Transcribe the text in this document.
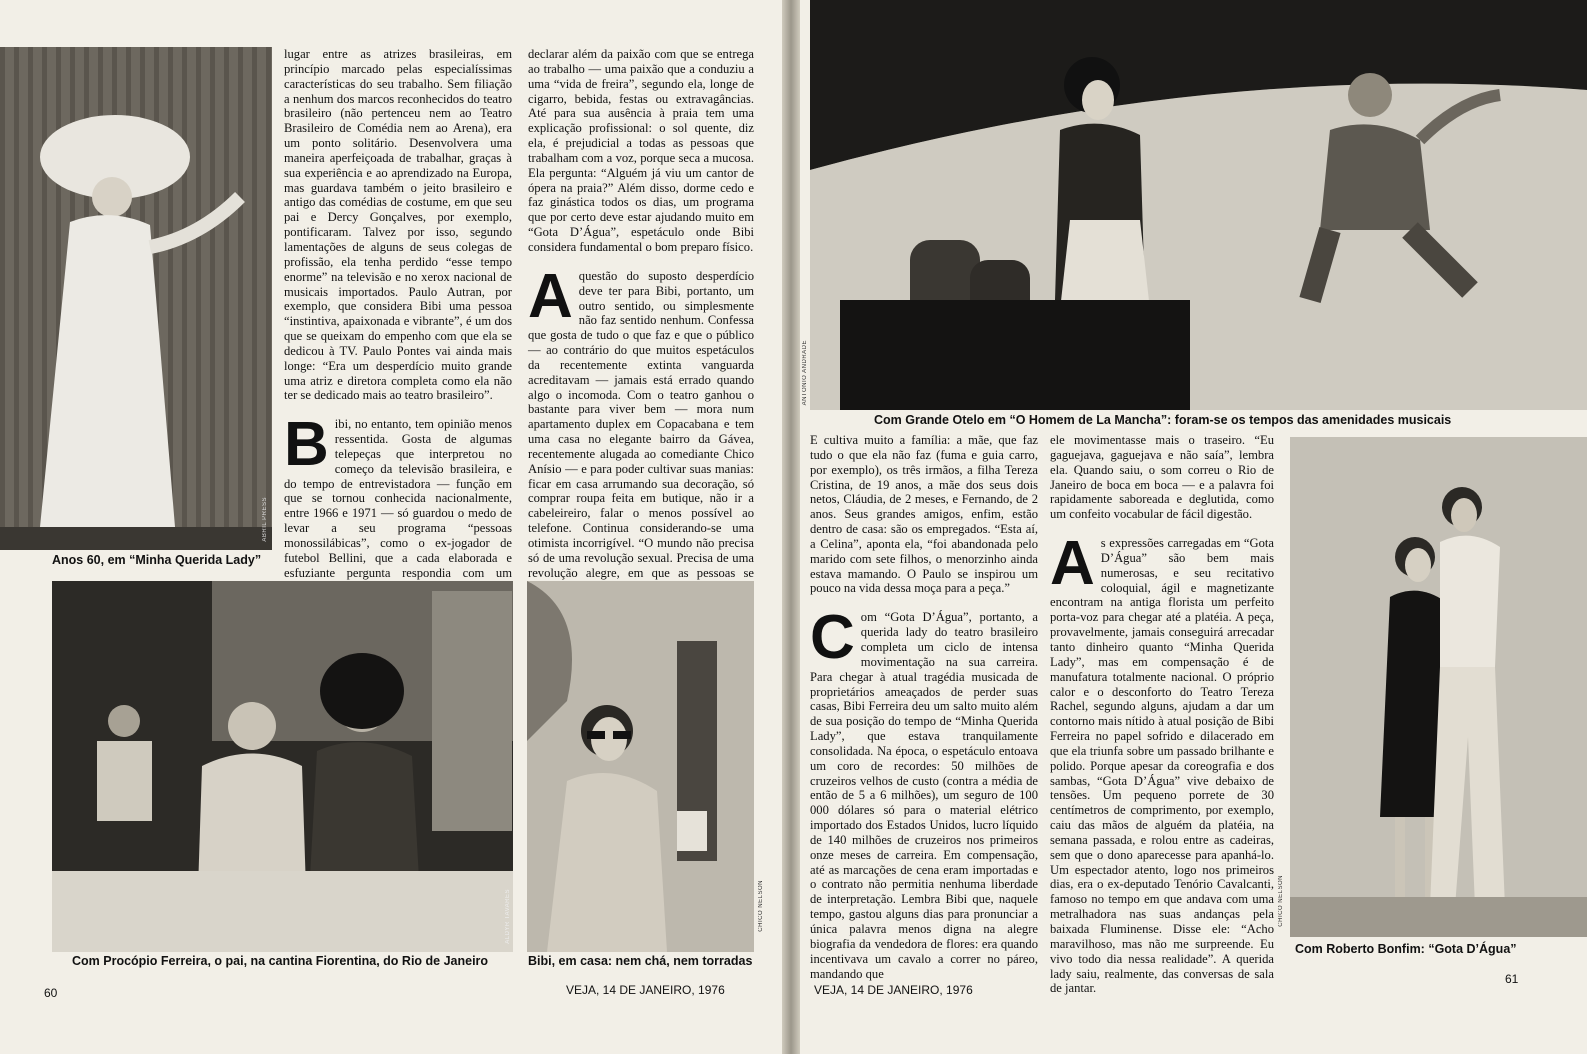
ABRIL PRESS
Anos 60, em “Minha Querida Lady”

lugar entre as atrizes brasileiras, em princípio marcado pelas especialíssimas características do seu trabalho. Sem filiação a nenhum dos marcos reconhecidos do teatro brasileiro (não pertenceu nem ao Teatro Brasileiro de Comédia nem ao Arena), era um ponto solitário. Desenvolvera uma maneira aperfeiçoada de trabalhar, graças à sua experiência e ao aprendizado na Europa, mas guardava também o jeito brasileiro e antigo das comédias de costume, em que seu pai e Dercy Gonçalves, por exemplo, pontificaram. Talvez por isso, segundo lamentações de alguns de seus colegas de profissão, ela tenha perdido “esse tempo enorme” na televisão e no xerox nacional de musicais importados. Paulo Autran, por exemplo, que considera Bibi uma pessoa “instintiva, apaixonada e vibrante”, é um dos que se queixam do empenho com que ela se dedicou à TV. Paulo Pontes vai ainda mais longe: “Era um desperdício muito grande uma atriz e diretora completa como ela não ter se dedicado mais ao teatro brasileiro”.

Bibi, no entanto, tem opinião menos ressentida. Gosta de algumas telepeças que interpretou no começo da televisão brasileira, e do tempo de entrevistadora — função em que se tornou conhecida nacionalmente, entre 1966 e 1971 — só guardou o medo de levar a seu programa “pessoas monossilábicas”, como o ex-jogador de futebol Bellini, que a cada elaborada e esfuziante pergunta respondia com um

declarar além da paixão com que se entrega ao trabalho — uma paixão que a conduziu a uma “vida de freira”, segundo ela, longe de cigarro, bebida, festas ou extravagâncias. Até para sua ausência à praia tem uma explicação profissional: o sol quente, diz ela, é prejudicial a todas as pessoas que trabalham com a voz, porque seca a mucosa. Ela pergunta: “Alguém já viu um cantor de ópera na praia?” Além disso, dorme cedo e faz ginástica todos os dias, um programa que por certo deve estar ajudando muito em “Gota D’Água”, espetáculo onde Bibi considera fundamental o bom preparo físico.

Aquestão do suposto desperdício deve ter para Bibi, portanto, um outro sentido, ou simplesmente não faz sentido nenhum. Confessa que gosta de tudo o que faz e que o público — ao contrário do que muitos espetáculos da recentemente extinta vanguarda acreditavam — jamais está errado quando algo o incomoda. Com o teatro ganhou o bastante para viver bem — mora num apartamento duplex em Copacabana e tem uma casa no elegante bairro da Gávea, recentemente alugada ao comediante Chico Anísio — e para poder cultivar suas manias: ficar em casa arrumando sua decoração, só comprar roupa feita em butique, não ir a cabeleireiro, falar o menos possível ao telefone. Continua considerando-se uma otimista incorrigível. “O mundo não precisa só de uma revolução sexual. Precisa de uma revolução alegre, em que as pessoas se

ALDYR TAVARES
Com Procópio Ferreira, o pai, na cantina Fiorentina, do Rio de Janeiro
CHICO NELSON
Bibi, em casa: nem chá, nem torradas
60	VEJA, 14 DE JANEIRO, 1976
ANTONIO ANDRADE
Com Grande Otelo em “O Homem de La Mancha”: foram-se os tempos das amenidades musicais

E cultiva muito a família: a mãe, que faz tudo o que ela não faz (fuma e guia carro, por exemplo), os três irmãos, a filha Tereza Cristina, de 19 anos, a mãe dos seus dois netos, Cláudia, de 2 meses, e Fernando, de 2 anos. Seus grandes amigos, enfim, estão dentro de casa: são os empregados. “Esta aí, a Celina”, aponta ela, “foi abandonada pelo marido com sete filhos, o menorzinho ainda estava mamando. O Paulo se inspirou um pouco na vida dessa moça para a peça.”

Com “Gota D’Água”, portanto, a querida lady do teatro brasileiro completa um ciclo de intensa movimentação na sua carreira. Para chegar à atual tragédia musicada de proprietários ameaçados de perder suas casas, Bibi Ferreira deu um salto muito além de sua posição do tempo de “Minha Querida Lady”, que estava tranquilamente consolidada. Na época, o espetáculo entoava um coro de recordes: 50 milhões de cruzeiros velhos de custo (contra a média de então de 5 a 6 milhões), um seguro de 100 000 dólares só para o material elétrico importado dos Estados Unidos, lucro líquido de 140 milhões de cruzeiros nos primeiros onze meses de carreira. Em compensação, até as marcações de cena eram importadas e o contrato não permitia nenhuma liberdade de interpretação. Lembra Bibi que, naquele tempo, gastou alguns dias para pronunciar a única palavra menos digna na alegre biografia da vendedora de flores: era quando incentivava um cavalo a correr no páreo, mandando que

ele movimentasse mais o traseiro. “Eu gaguejava, gaguejava e não saía”, lembra ela. Quando saiu, o som correu o Rio de Janeiro de boca em boca — e a palavra foi rapidamente saboreada e deglutida, como um confeito vocabular de fácil digestão.

As expressões carregadas em “Gota D’Água” são bem mais numerosas, e seu recitativo coloquial, ágil e magnetizante encontram na antiga florista um perfeito porta-voz para chegar até a platéia. A peça, provavelmente, jamais conseguirá arrecadar tanto dinheiro quanto “Minha Querida Lady”, mas em compensação é de manufatura totalmente nacional. O próprio calor e o desconforto do Teatro Tereza Rachel, segundo alguns, ajudam a dar um contorno mais nítido à atual posição de Bibi Ferreira no papel sofrido e dilacerado em que ela triunfa sobre um passado brilhante e polido. Porque apesar da coreografia e dos sambas, “Gota D’Água” vive debaixo de tensões. Um pequeno porrete de 30 centímetros de comprimento, por exemplo, caiu das mãos de alguém da platéia, na semana passada, e rolou entre as cadeiras, sem que o dono aparecesse para apanhá-lo. Um espectador atento, logo nos primeiros dias, era o ex-deputado Tenório Cavalcanti, famoso no tempo em que andava com uma metralhadora nas suas andanças pela baixada Fluminense. Disse ele: “Acho maravilhoso, mas não me surpreende. Eu vivo todo dia nessa realidade”. A querida lady saiu, realmente, das conversas de sala de jantar.

CHICO NELSON
Com Roberto Bonfim: “Gota D’Água”
61
VEJA, 14 DE JANEIRO, 1976
